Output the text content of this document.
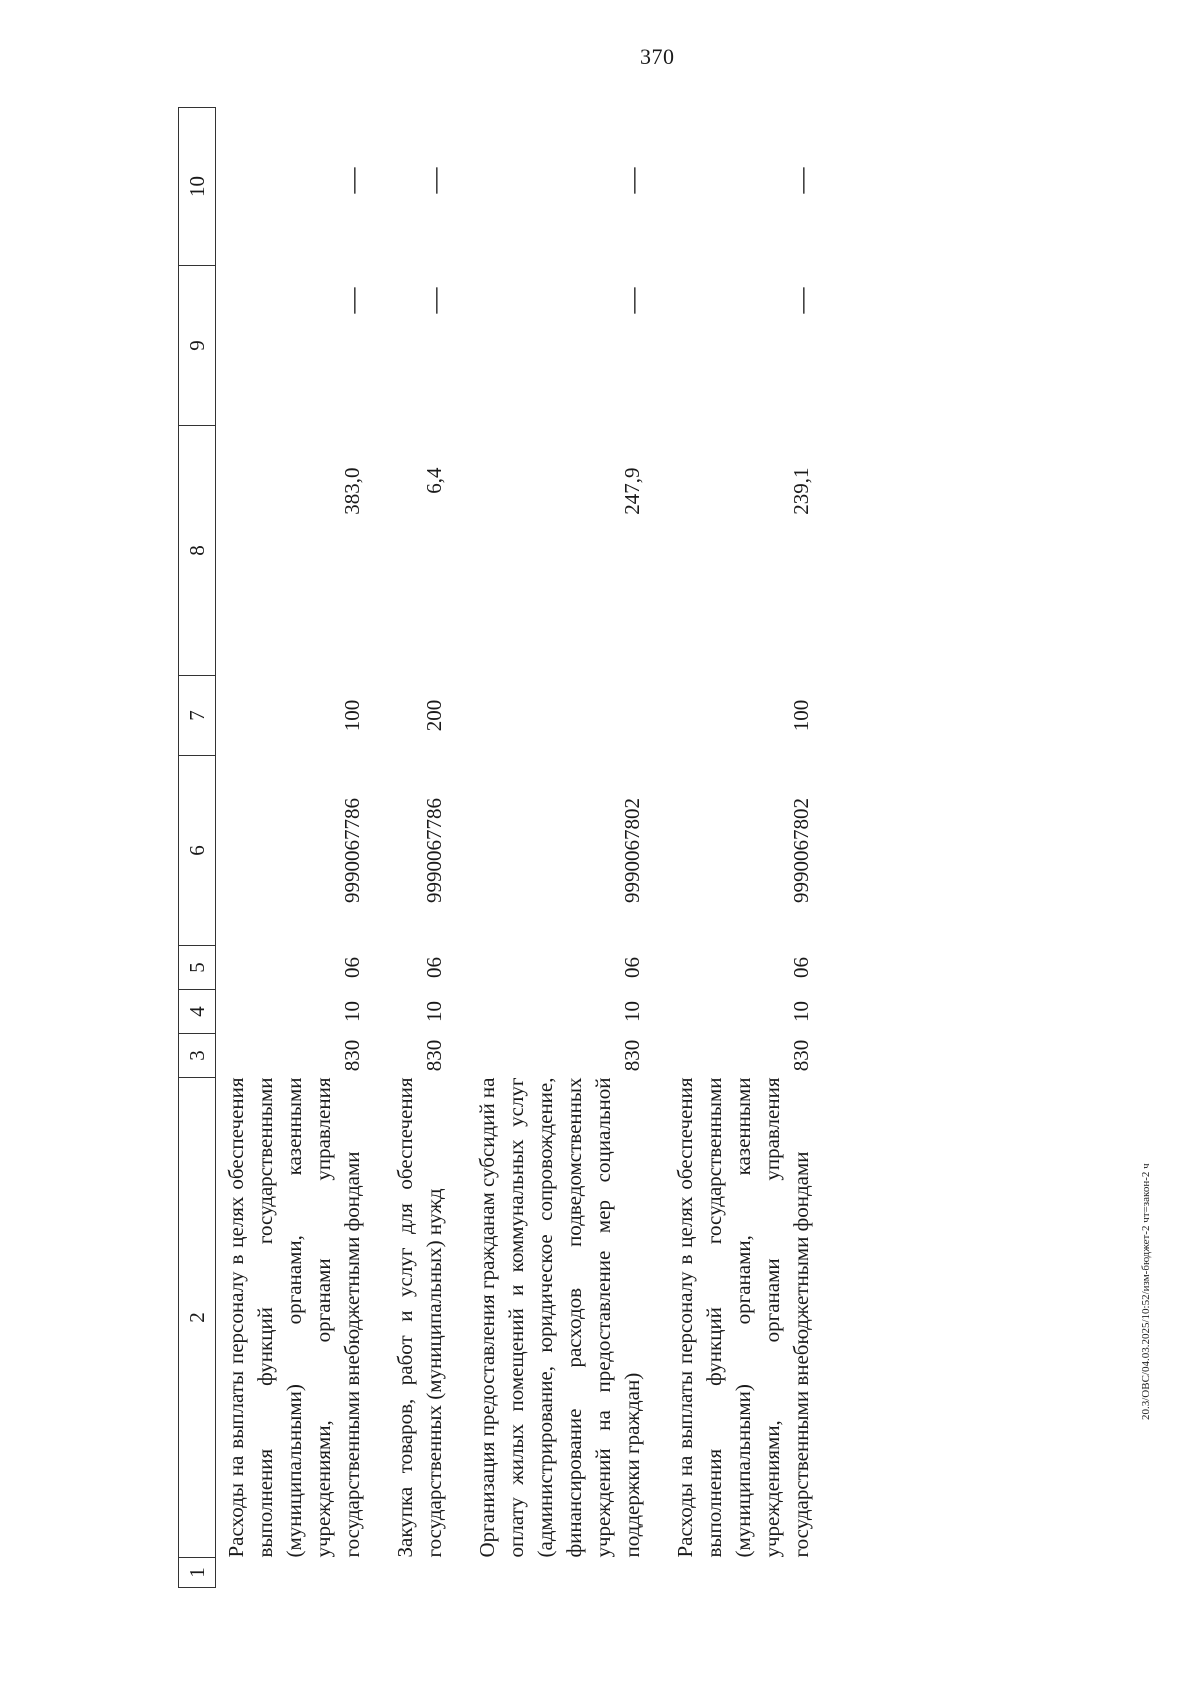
370
20.3/ОВС/04.03.2025/10:52/изм-бюджет-2 чт=закон-2 ч
1	2	3	4	5	6	7	8	9	10
	Расходы на выплаты персоналу в целях обеспечения выполнения функций государственными (муниципальными) органами, казенными учреждениями, органами управления государственными внебюджетными фондами	830	10	06	9990067786	100	383,0	—	—

	Закупка товаров, работ и услуг для обеспечения государственных (муниципальных) нужд	830	10	06	9990067786	200	6,4	—	—

	Организация предоставления гражданам субсидий на оплату жилых помещений и коммунальных услуг (администрирование, юридическое сопровождение, финансирование расходов подведомственных учреждений на предоставление мер социальной поддержки граждан)	830	10	06	9990067802		247,9	—	—

	Расходы на выплаты персоналу в целях обеспечения выполнения функций государственными (муниципальными) органами, казенными учреждениями, органами управления государственными внебюджетными фондами	830	10	06	9990067802	100	239,1	—	—
